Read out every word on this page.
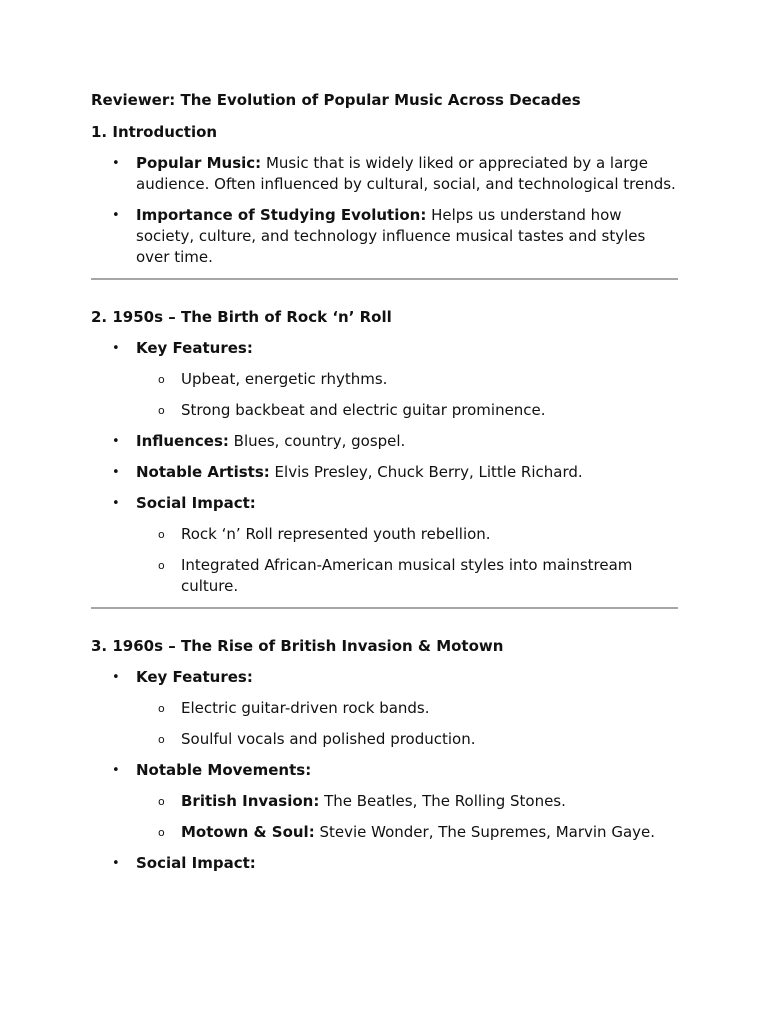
Reviewer: The Evolution of Popular Music Across Decades
1. Introduction
• Popular Music: Music that is widely liked or appreciated by a large audience. Often influenced by cultural, social, and technological trends.
• Importance of Studying Evolution: Helps us understand how society, culture, and technology influence musical tastes and styles over time.
2. 1950s – The Birth of Rock ‘n’ Roll
• Key Features:
o Upbeat, energetic rhythms.
o Strong backbeat and electric guitar prominence.
• Influences: Blues, country, gospel.
• Notable Artists: Elvis Presley, Chuck Berry, Little Richard.
• Social Impact:
o Rock ‘n’ Roll represented youth rebellion.
o Integrated African-American musical styles into mainstream culture.
3. 1960s – The Rise of British Invasion & Motown
• Key Features:
o Electric guitar-driven rock bands.
o Soulful vocals and polished production.
• Notable Movements:
o British Invasion: The Beatles, The Rolling Stones.
o Motown & Soul: Stevie Wonder, The Supremes, Marvin Gaye.
• Social Impact:
